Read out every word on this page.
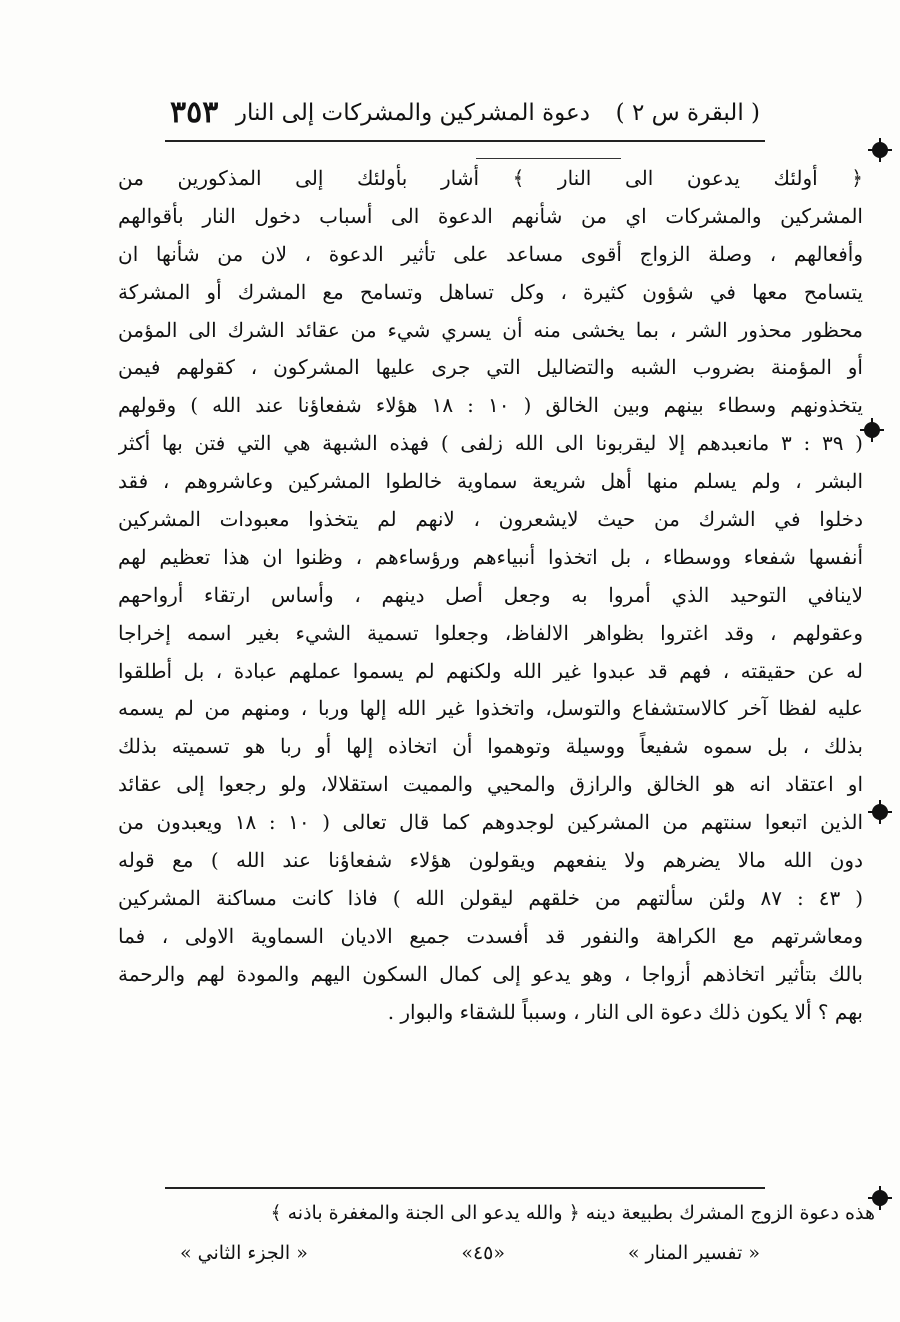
( البقرة س ٢ )
دعوة المشركين والمشركات إلى النار
٣٥٣
﴿ أولئك يدعون الى النار ﴾ أشار بأولئك إلى المذكورين من
المشركين والمشركات اي من شأنهم الدعوة الى أسباب دخول النار بأقوالهم
وأفعالهم ، وصلة الزواج أقوى مساعد على تأثير الدعوة ، لان من شأنها ان
يتسامح معها في شؤون كثيرة ، وكل تساهل وتسامح مع المشرك أو المشركة
محظور محذور الشر ، بما يخشى منه أن يسري شيء من عقائد الشرك الى المؤمن
أو المؤمنة بضروب الشبه والتضاليل التي جرى عليها المشركون ، كقولهم فيمن
يتخذونهم وسطاء بينهم وبين الخالق ( ١٠ : ١٨ هؤلاء شفعاؤنا عند الله ) وقولهم
( ٣٩ : ٣ مانعبدهم إلا ليقربونا الى الله زلفى ) فهذه الشبهة هي التي فتن بها أكثر
البشر ، ولم يسلم منها أهل شريعة سماوية خالطوا المشركين وعاشروهم ، فقد
دخلوا في الشرك من حيث لايشعرون ، لانهم لم يتخذوا معبودات المشركين
أنفسها شفعاء ووسطاء ، بل اتخذوا أنبياءهم ورؤساءهم ، وظنوا ان هذا تعظيم لهم
لاينافي التوحيد الذي أمروا به وجعل أصل دينهم ، وأساس ارتقاء أرواحهم
وعقولهم ، وقد اغتروا بظواهر الالفاظ، وجعلوا تسمية الشيء بغير اسمه إخراجا
له عن حقيقته ، فهم قد عبدوا غير الله ولكنهم لم يسموا عملهم عبادة ، بل أطلقوا
عليه لفظا آخر كالاستشفاع والتوسل، واتخذوا غير الله إلها وربا ، ومنهم من لم يسمه
بذلك ، بل سموه شفيعاً ووسيلة وتوهموا أن اتخاذه إلها أو ربا هو تسميته بذلك
او اعتقاد انه هو الخالق والرازق والمحيي والمميت استقلالا، ولو رجعوا إلى عقائد
الذين اتبعوا سنتهم من المشركين لوجدوهم كما قال تعالى ( ١٠ : ١٨ ويعبدون من
دون الله مالا يضرهم ولا ينفعهم ويقولون هؤلاء شفعاؤنا عند الله ) مع قوله
( ٤٣ : ٨٧ ولئن سألتهم من خلقهم ليقولن الله ) فاذا كانت مساكنة المشركين
ومعاشرتهم مع الكراهة والنفور قد أفسدت جميع الاديان السماوية الاولى ، فما
بالك بتأثير اتخاذهم أزواجا ، وهو يدعو إلى كمال السكون اليهم والمودة لهم والرحمة
بهم ؟ ألا يكون ذلك دعوة الى النار ، وسبباً للشقاء والبوار .
هذه دعوة الزوج المشرك بطبيعة دينه ﴿ والله يدعو الى الجنة والمغفرة باذنه ﴾
« تفسير المنار »
«٤٥»
« الجزء الثاني »
